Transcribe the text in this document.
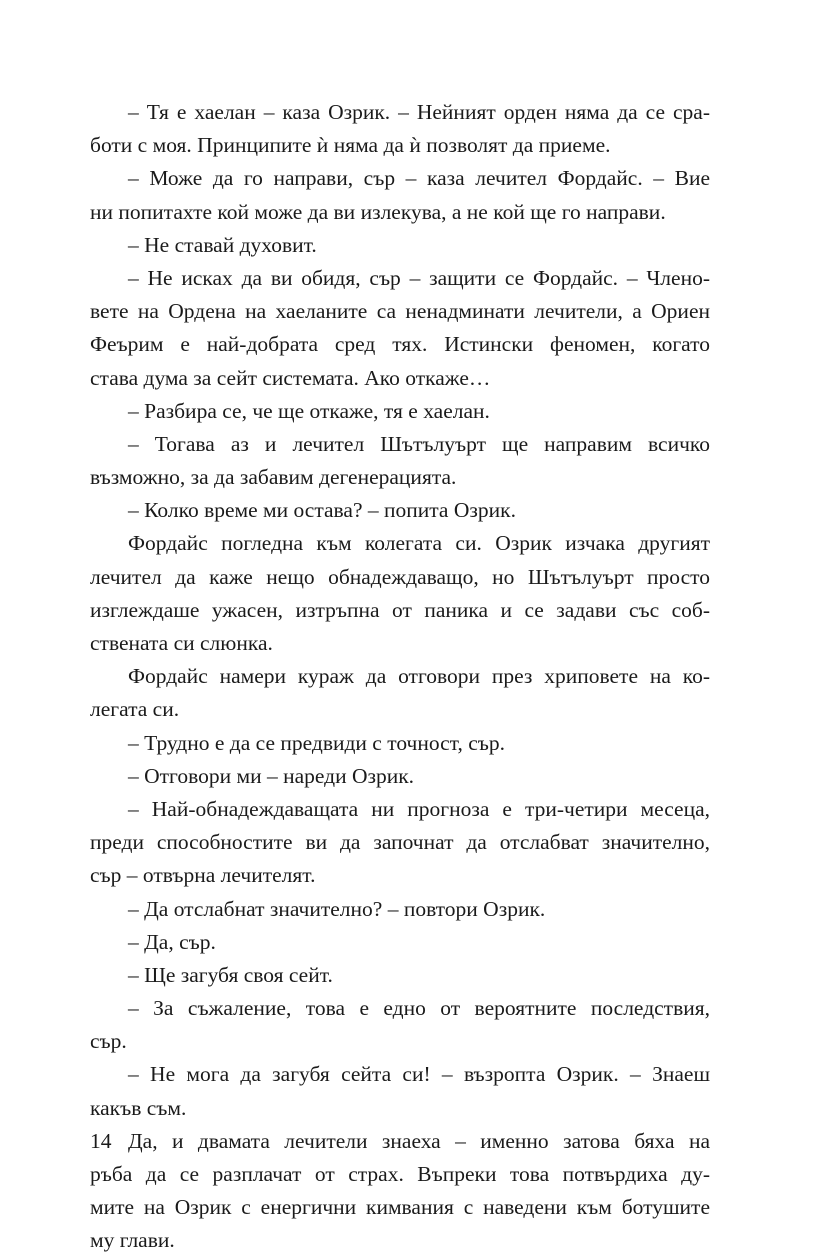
– Тя е хаелан – каза Озрик. – Нейният орден няма да се сра-
боти с моя. Принципите ѝ няма да ѝ позволят да приеме.
– Може да го направи, сър – каза лечител Фордайс. – Вие
ни попитахте кой може да ви излекува, а не кой ще го направи.
– Не ставай духовит.
– Не исках да ви обидя, сър – защити се Фордайс. – Члено-
вете на Ордена на хаеланите са ненадминати лечители, а Ориен
Феърим е най-добрата сред тях. Истински феномен, когато
става дума за сейт системата. Ако откаже…
– Разбира се, че ще откаже, тя е хаелан.
– Тогава аз и лечител Шътълуърт ще направим всичко
възможно, за да забавим дегенерацията.
– Колко време ми остава? – попита Озрик.
Фордайс погледна към колегата си. Озрик изчака другият
лечител да каже нещо обнадеждаващо, но Шътълуърт просто
изглеждаше ужасен, изтръпна от паника и се задави със соб-
ствената си слюнка.
Фордайс намери кураж да отговори през хриповете на ко-
легата си.
– Трудно е да се предвиди с точност, сър.
– Отговори ми – нареди Озрик.
– Най-обнадеждаващата ни прогноза е три-четири месеца,
преди способностите ви да започнат да отслабват значително,
сър – отвърна лечителят.
– Да отслабнат значително? – повтори Озрик.
– Да, сър.
– Ще загубя своя сейт.
– За съжаление, това е едно от вероятните последствия,
сър.
– Не мога да загубя сейта си! – възропта Озрик. – Знаеш
какъв съм.
Да, и двамата лечители знаеха – именно затова бяха на
ръба да се разплачат от страх. Въпреки това потвърдиха ду-
мите на Озрик с енергични кимвания с наведени към ботушите
му глави.
14
